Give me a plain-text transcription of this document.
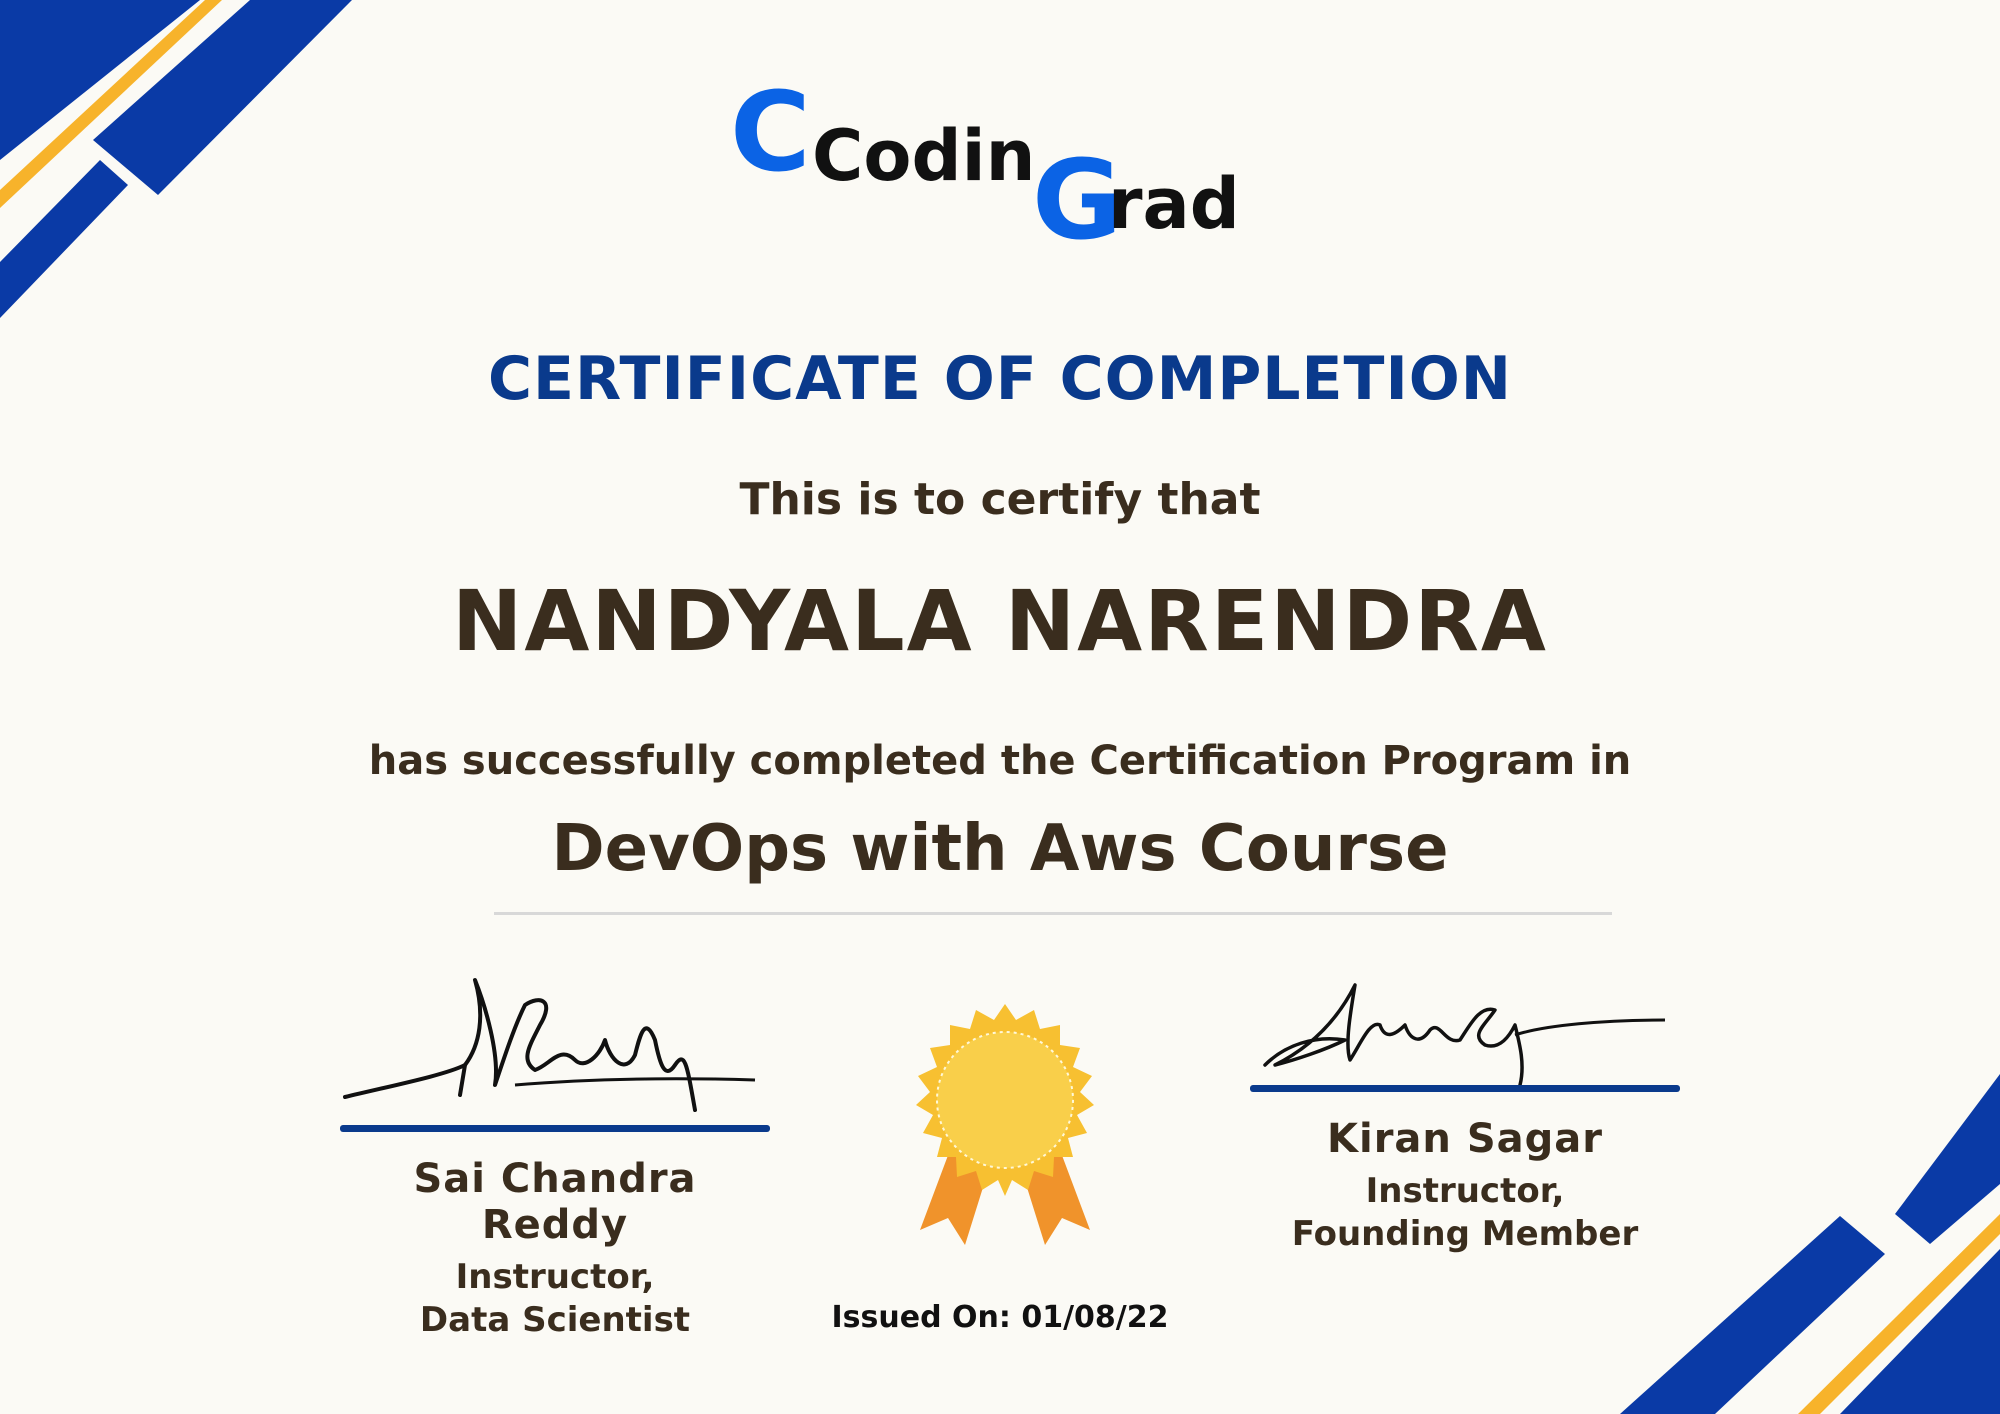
C Codin
G
rad
CERTIFICATE OF COMPLETION
This is to certify that
NANDYALA NARENDRA
has successfully completed the Certification Program in
DevOps with Aws Course
Sai Chandra Reddy
Instructor,
Data Scientist
Kiran Sagar
Instructor,
Founding Member
Issued On: 01/08/22
